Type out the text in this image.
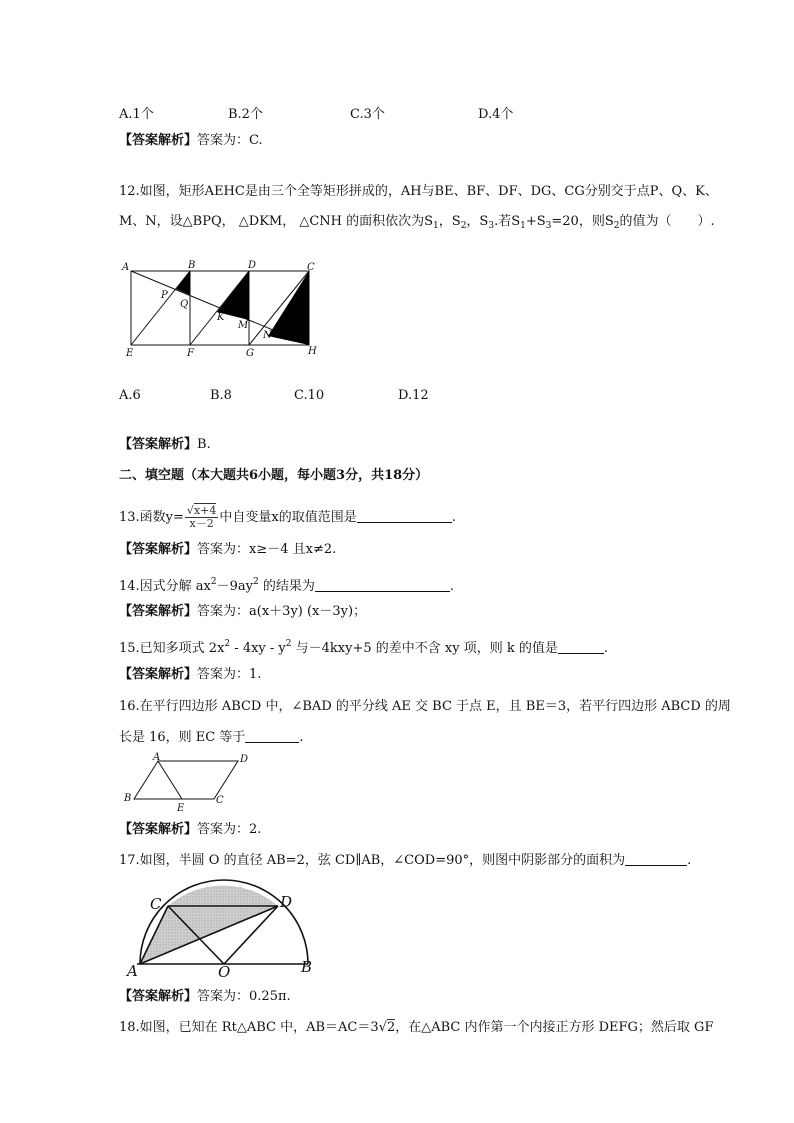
A.1个	B.2个	C.3个	D.4个
【答案解析】答案为：C.
12.如图，矩形AEHC是由三个全等矩形拼成的，AH与BE、BF、DF、DG、CG分别交于点P、Q、K、
M、N，设△BPQ， △DKM， △CNH 的面积依次为$S_1$，$S_2$，$S_3$.若$S_1+S_3=20$，则$S_2$的值为（　　）.
A	B	D	C
P
Q
K
M
N
E	F	G	H
A.6	B.8	C.10	D.12
【答案解析】B.
二、填空题（本大题共6小题，每小题3分，共18分）
13.函数$y= \frac{√x+4}{x-2}$ 中自变量x的取值范围是	.
【答案解析】答案为：x≥－4 且x≠2.
14.因式分解 $ax^2-9ay^2$ 的结果为	.
【答案解析】答案为：a(x＋3y) (x－3y)；
15.已知多项式 $2x^2 - 4xy - y^2$ 与－4kxy+5 的差中不含 xy 项，则 k 的值是	.
【答案解析】答案为：1.
16.在平行四边形 ABCD 中，∠BAD 的平分线 AE 交 BC 于点 E，且 BE＝3，若平行四边形 ABCD 的周
长是 16，则 EC 等于	.
A	D
B
E
C
【答案解析】答案为：2.
17.如图，半圆 O 的直径 AB=2，弦 CD∥AB，∠COD=90°，则图中阴影部分的面积为	.
C	D
A	O	B
【答案解析】答案为：0.25π.
18.如图，已知在 Rt△ABC 中，AB＝AC＝3√2，在△ABC 内作第一个内接正方形 DEFG；然后取 GF
